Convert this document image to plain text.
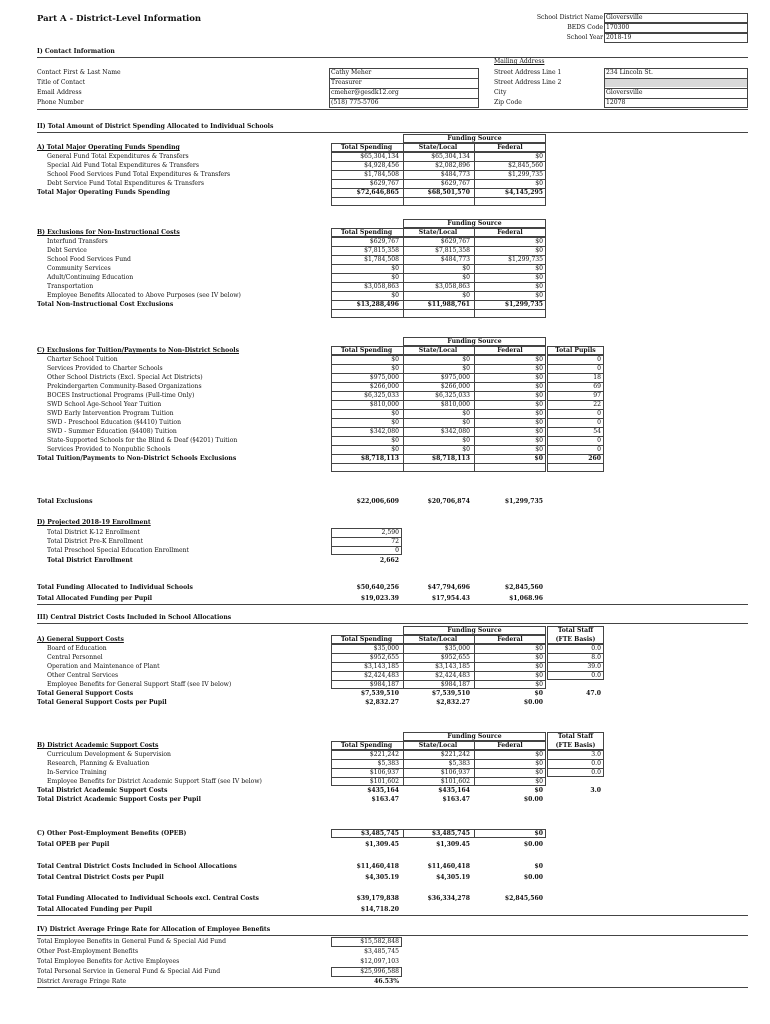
Part A - District-Level Information	School District Name Gloversville
BEDS Code 170300
School Year 2018-19
I) Contact Information
Mailing Address
Contact First & Last Name	Cathy Meher	Street Address Line 1	234 Lincoln St.
Title of Contact	Treasurer	Street Address Line 2
Email Address	cmeher@gesdk12.org	City	Gloversville
Phone Number	(518) 775-5706	Zip Code	12078
II) Total Amount of District Spending Allocated to Individual Schools
Funding Source
Total Spending	State/Local	Federal
A) Total Major Operating Funds Spending
General Fund Total Expenditures & Transfers	$65,304,134	$65,304,134	$0
Special Aid Fund Total Expenditures & Transfers	$4,928,456	$2,082,896	$2,845,560
School Food Services Fund Total Expenditures & Transfers	$1,784,508	$484,773	$1,299,735
Debt Service Fund Total Expenditures & Transfers	$629,767	$629,767	$0
Total Major Operating Funds Spending	$72,646,865	$68,501,570	$4,145,295
Funding Source
Total Spending	State/Local	Federal
B) Exclusions for Non-Instructional Costs
Interfund Transfers	$629,767	$629,767	$0
Debt Service	$7,815,358	$7,815,358	$0
School Food Services Fund	$1,784,508	$484,773	$1,299,735
Community Services	$0	$0	$0
Adult/Continuing Education	$0	$0	$0
Transportation	$3,058,863	$3,058,863	$0
Employee Benefits Allocated to Above Purposes (see IV below)	$0	$0	$0
Total Non-Instructional Cost Exclusions	$13,288,496	$11,988,761	$1,299,735
Funding Source
Total Spending	State/Local	Federal
C) Exclusions for Tuition/Payments to Non-District Schools	Total Pupils
Charter School Tuition	$0	$0	$0	0
Services Provided to Charter Schools	$0	$0	$0	0
Other School Districts (Excl. Special Act Districts)	$975,000	$975,000	$0	18
Prekindergarten Community-Based Organizations	$266,000	$266,000	$0	69
BOCES Instructional Programs (Full-time Only)	$6,325,033	$6,325,033	$0	97
SWD School Age-School Year Tuition	$810,000	$810,000	$0	22
SWD Early Intervention Program Tuition	$0	$0	$0	0
SWD - Preschool Education (§4410) Tuition	$0	$0	$0	0
SWD - Summer Education (§4408) Tuition	$342,080	$342,080	$0	54
State-Supported Schools for the Blind & Deaf (§4201) Tuition	$0	$0	$0	0
Services Provided to Nonpublic Schools	$0	$0	$0	0
Total Tuition/Payments to Non-District Schools Exclusions	$8,718,113	$8,718,113	$0	260
Total Exclusions	$22,006,609	$20,706,874	$1,299,735
D) Projected 2018-19 Enrollment
Total District K-12 Enrollment	2,590
Total District Pre-K Enrollment	72
Total Preschool Special Education Enrollment	0
Total District Enrollment	2,662
Total Funding Allocated to Individual Schools	$50,640,256	$47,794,696	$2,845,560
Total Allocated Funding per Pupil	$19,023.39	$17,954.43	$1,068.96
III) Central District Costs Included in School Allocations
Funding Source
Total Spending	State/Local	Federal
Total Staff
(FTE Basis)
A) General Support Costs
Board of Education	$35,000	$35,000	$0	0.0
Central Personnel	$952,655	$952,655	$0	8.0
Operation and Maintenance of Plant	$3,143,185	$3,143,185	$0	39.0
Other Central Services	$2,424,483	$2,424,483	$0	0.0
Employee Benefits for General Support Staff (see IV below)	$984,187	$984,187	$0
Total General Support Costs	$7,539,510	$7,539,510	$0	47.0
Total General Support Costs per Pupil	$2,832.27	$2,832.27	$0.00
Funding Source
Total Spending	State/Local	Federal
Total Staff
(FTE Basis)
B) District Academic Support Costs
Curriculum Development & Supervision	$221,242	$221,242	$0	3.0
Research, Planning & Evaluation	$5,383	$5,383	$0	0.0
In-Service Training	$106,937	$106,937	$0	0.0
Employee Benefits for District Academic Support Staff (see IV below)	$101,602	$101,602	$0
Total District Academic Support Costs	$435,164	$435,164	$0	3.0
Total District Academic Support Costs per Pupil	$163.47	$163.47	$0.00
C) Other Post-Employment Benefits (OPEB)	$3,485,745	$3,485,745	$0
Total OPEB per Pupil	$1,309.45	$1,309.45	$0.00
Total Central District Costs Included in School Allocations	$11,460,418	$11,460,418	$0
Total Central District Costs per Pupil	$4,305.19	$4,305.19	$0.00
Total Funding Allocated to Individual Schools excl. Central Costs	$39,179,838	$36,334,278	$2,845,560
Total Allocated Funding per Pupil	$14,718.20
IV) District Average Fringe Rate for Allocation of Employee Benefits
Total Employee Benefits in General Fund & Special Aid Fund	$15,582,848
Other Post-Employment Benefits	$3,485,745
Total Employee Benefits for Active Employees	$12,097,103
Total Personal Service in General Fund & Special Aid Fund	$25,996,588
District Average Fringe Rate	46.53%
